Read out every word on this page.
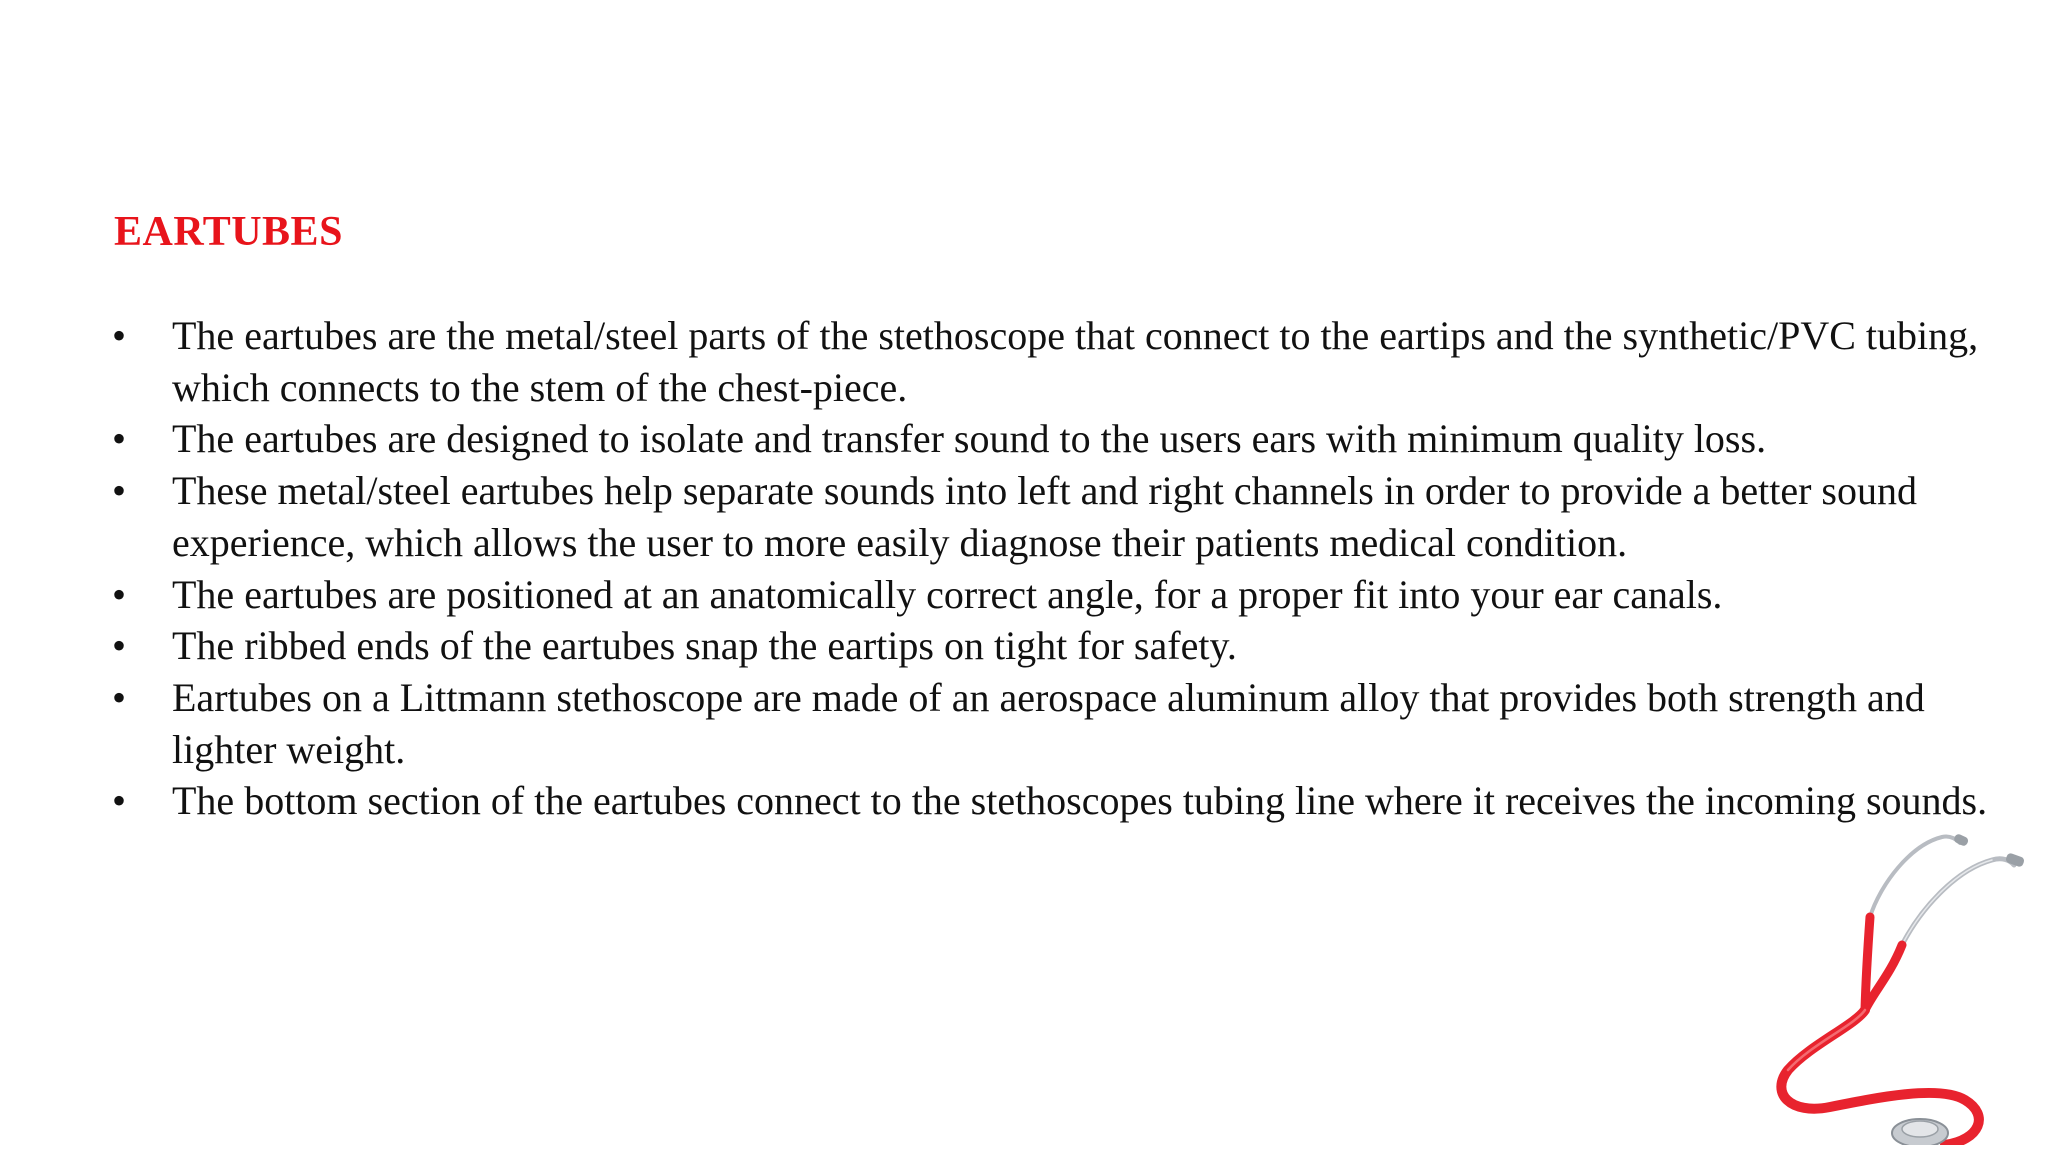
EARTUBES
•	The eartubes are the metal/steel parts of the stethoscope that connect to the eartips and the synthetic/PVC tubing, which connects to the stem of the chest-piece.
•	The eartubes are designed to isolate and transfer sound to the users ears with minimum quality loss.
•	These metal/steel eartubes help separate sounds into left and right channels in order to provide a better sound experience, which allows the user to more easily diagnose their patients medical condition.
•	The eartubes are positioned at an anatomically correct angle, for a proper fit into your ear canals.
•	The ribbed ends of the eartubes snap the eartips on tight for safety.
•	Eartubes on a Littmann stethoscope are made of an aerospace aluminum alloy that provides both strength and lighter weight.
•	The bottom section of the eartubes connect to the stethoscopes tubing line where it receives the incoming sounds.
